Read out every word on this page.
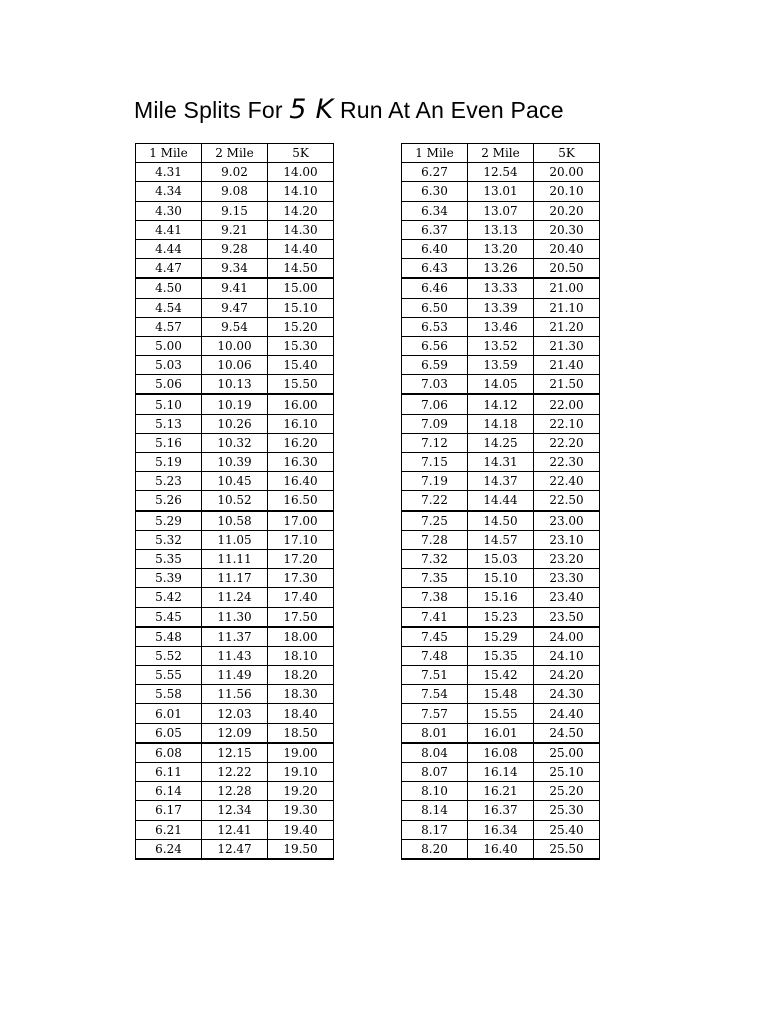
Mile Splits For 5 K Run At An Even Pace
1 Mile	2 Mile	5K
4.31	9.02	14.00
4.34	9.08	14.10
4.30	9.15	14.20
4.41	9.21	14.30
4.44	9.28	14.40
4.47	9.34	14.50
4.50	9.41	15.00
4.54	9.47	15.10
4.57	9.54	15.20
5.00	10.00	15.30
5.03	10.06	15.40
5.06	10.13	15.50
5.10	10.19	16.00
5.13	10.26	16.10
5.16	10.32	16.20
5.19	10.39	16.30
5.23	10.45	16.40
5.26	10.52	16.50
5.29	10.58	17.00
5.32	11.05	17.10
5.35	11.11	17.20
5.39	11.17	17.30
5.42	11.24	17.40
5.45	11.30	17.50
5.48	11.37	18.00
5.52	11.43	18.10
5.55	11.49	18.20
5.58	11.56	18.30
6.01	12.03	18.40
6.05	12.09	18.50
6.08	12.15	19.00
6.11	12.22	19.10
6.14	12.28	19.20
6.17	12.34	19.30
6.21	12.41	19.40
6.24	12.47	19.50
1 Mile	2 Mile	5K
6.27	12.54	20.00
6.30	13.01	20.10
6.34	13.07	20.20
6.37	13.13	20.30
6.40	13.20	20.40
6.43	13.26	20.50
6.46	13.33	21.00
6.50	13.39	21.10
6.53	13.46	21.20
6.56	13.52	21.30
6.59	13.59	21.40
7.03	14.05	21.50
7.06	14.12	22.00
7.09	14.18	22.10
7.12	14.25	22.20
7.15	14.31	22.30
7.19	14.37	22.40
7.22	14.44	22.50
7.25	14.50	23.00
7.28	14.57	23.10
7.32	15.03	23.20
7.35	15.10	23.30
7.38	15.16	23.40
7.41	15.23	23.50
7.45	15.29	24.00
7.48	15.35	24.10
7.51	15.42	24.20
7.54	15.48	24.30
7.57	15.55	24.40
8.01	16.01	24.50
8.04	16.08	25.00
8.07	16.14	25.10
8.10	16.21	25.20
8.14	16.37	25.30
8.17	16.34	25.40
8.20	16.40	25.50
